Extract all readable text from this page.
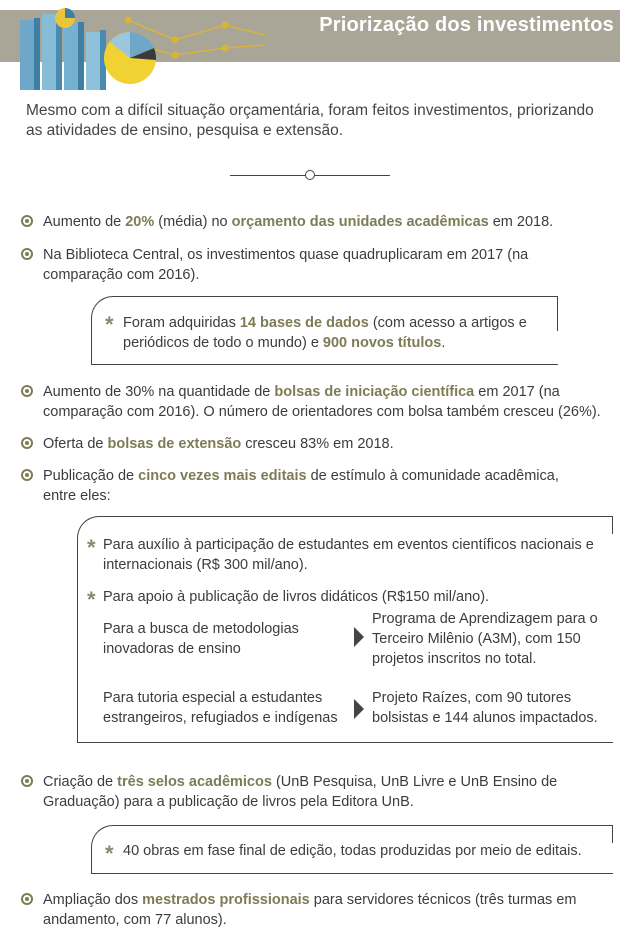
Priorização dos investimentos
Mesmo com a difícil situação orçamentária, foram feitos investimentos, priorizando as atividades de ensino, pesquisa e extensão.
Aumento de 20% (média) no orçamento das unidades acadêmicas em 2018.
Na Biblioteca Central, os investimentos quase quadruplicaram em 2017 (na comparação com 2016).
* Foram adquiridas 14 bases de dados (com acesso a artigos e periódicos de todo o mundo) e 900 novos títulos.
Aumento de 30% na quantidade de bolsas de iniciação científica em 2017 (na comparação com 2016). O número de orientadores com bolsa também cresceu (26%).
Oferta de bolsas de extensão cresceu 83% em 2018.
Publicação de cinco vezes mais editais de estímulo à comunidade acadêmica, entre eles:
* Para auxílio à participação de estudantes em eventos científicos nacionais e internacionais (R$ 300 mil/ano).
* Para apoio à publicação de livros didáticos (R$150 mil/ano).
Para a busca de metodologias inovadoras de ensino
Programa de Aprendizagem para o Terceiro Milênio (A3M), com 150 projetos inscritos no total.
Para tutoria especial a estudantes estrangeiros, refugiados e indígenas
Projeto Raízes, com 90 tutores bolsistas e 144 alunos impactados.
Criação de três selos acadêmicos (UnB Pesquisa, UnB Livre e UnB Ensino de Graduação) para a publicação de livros pela Editora UnB.
* 40 obras em fase final de edição, todas produzidas por meio de editais.
Ampliação dos mestrados profissionais para servidores técnicos (três turmas em andamento, com 77 alunos).
